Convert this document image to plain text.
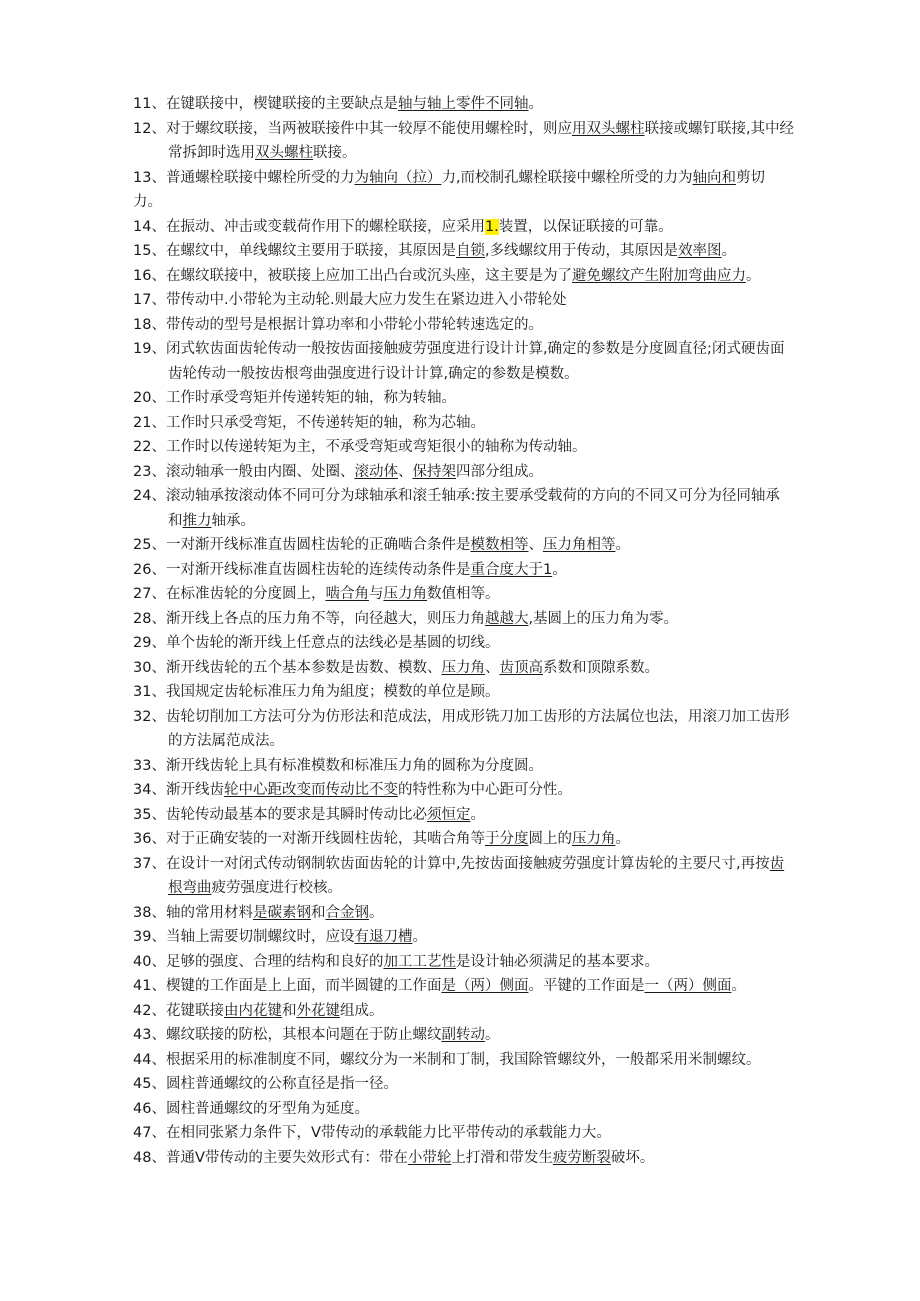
11、在键联接中，楔键联接的主要缺点是轴与轴上零件不同轴。
12、对于螺纹联接，当两被联接件中其一较厚不能使用螺栓时，则应用双头螺柱联接或螺钉联接,其中经
常拆卸时选用双头螺柱联接。
13、普通螺栓联接中螺栓所受的力为轴向（拉）力,而校制孔螺栓联接中螺栓所受的力为轴向和剪切
力。
14、在振动、冲击或变载荷作用下的螺栓联接，应采用1.装置，以保证联接的可靠。
15、在螺纹中，单线螺纹主要用于联接，其原因是自锁,多线螺纹用于传动，其原因是效率图。
16、在螺纹联接中，被联接上应加工出凸台或沉头座，这主要是为了避免螺纹产生附加弯曲应力。
17、带传动中.小带轮为主动轮.则最大应力发生在紧边进入小带轮处
18、带传动的型号是根据计算功率和小带轮小带轮转速选定的。
19、闭式软齿面齿轮传动一般按齿面接触疲劳强度进行设计计算,确定的参数是分度圆直径;闭式硬齿面
齿轮传动一般按齿根弯曲强度进行设计计算,确定的参数是模数。
20、工作时承受弯矩并传递转矩的轴，称为转轴。
21、工作时只承受弯矩，不传递转矩的轴，称为芯轴。
22、工作时以传递转矩为主，不承受弯矩或弯矩很小的轴称为传动轴。
23、滚动轴承一般由内圈、处圈、滚动体、保持架四部分组成。
24、滚动轴承按滚动体不同可分为球轴承和滚壬轴承:按主要承受载荷的方向的不同又可分为径同轴承
和推力轴承。
25、一对渐开线标准直齿圆柱齿轮的正确啮合条件是模数相等、压力角相等。
26、一对渐开线标准直齿圆柱齿轮的连续传动条件是重合度大于1。
27、在标准齿轮的分度圆上，啮合角与压力角数值相等。
28、渐开线上各点的压力角不等，向径越大，则压力角越越大,基圆上的压力角为零。
29、单个齿轮的渐开线上任意点的法线必是基圆的切线。
30、渐开线齿轮的五个基本参数是齿数、模数、压力角、齿顶高系数和顶隙系数。
31、我国规定齿轮标准压力角为組度；模数的单位是顾。
32、齿轮切削加工方法可分为仿形法和范成法，用成形铣刀加工齿形的方法属位也法，用滚刀加工齿形
的方法属范成法。
33、渐开线齿轮上具有标准模数和标准压力角的圆称为分度圆。
34、渐开线齿轮中心距改变而传动比不变的特性称为中心距可分性。
35、齿轮传动最基本的要求是其瞬时传动比必须恒定。
36、对于正确安装的一对渐开线圆柱齿轮，其啮合角等于分度圆上的压力角。
37、在设计一对闭式传动钢制软齿面齿轮的计算中,先按齿面接触疲劳强度计算齿轮的主要尺寸,再按齿
根弯曲疲劳强度进行校核。
38、轴的常用材料是碳素钢和合金钢。
39、当轴上需要切制螺纹时，应设有退刀槽。
40、足够的强度、合理的结构和良好的加工工艺性是设计轴必须满足的基本要求。
41、楔键的工作面是上上面，而半圆键的工作面是（两）侧面。平键的工作面是一（两）侧面。
42、花键联接由内花键和外花键组成。
43、螺纹联接的防松，其根本问题在于防止螺纹副转动。
44、根据采用的标准制度不同，螺纹分为一米制和丁制，我国除管螺纹外，一般都采用米制螺纹。
45、圆柱普通螺纹的公称直径是指一径。
46、圆柱普通螺纹的牙型角为延度。
47、在相同张紧力条件下，V带传动的承载能力比平带传动的承载能力大。
48、普通V带传动的主要失效形式有：带在小带轮上打滑和带发生疲劳断裂破坏。
